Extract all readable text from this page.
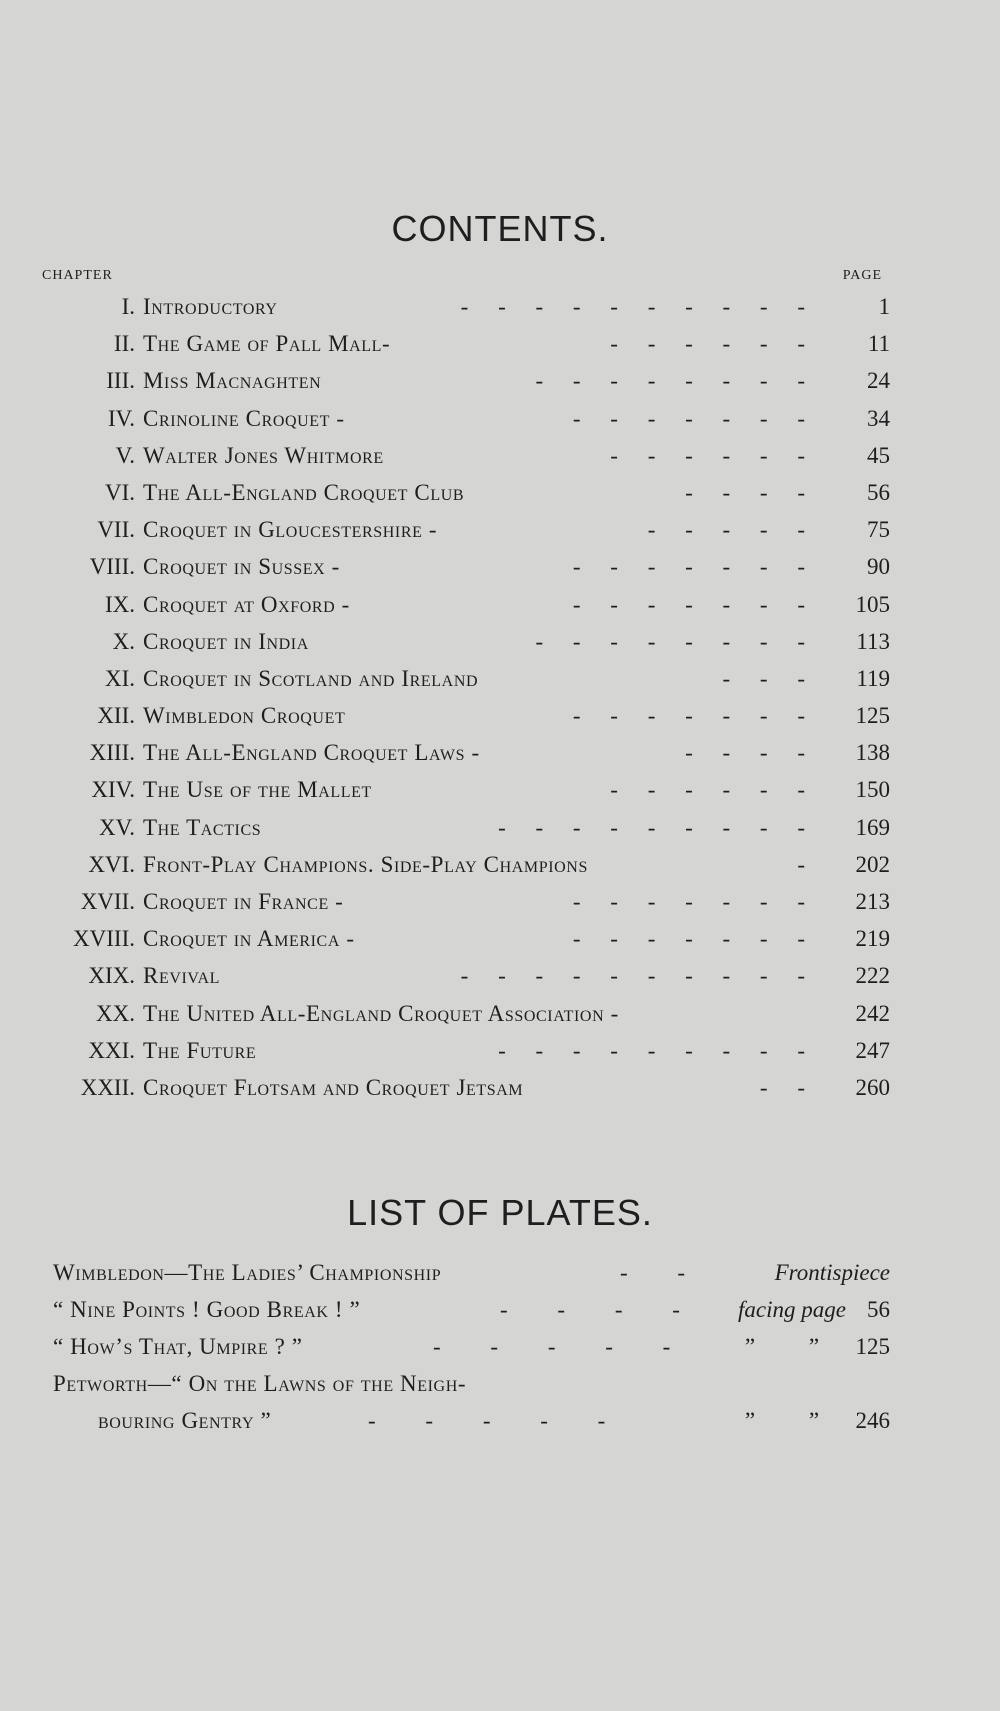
CONTENTS.
CHAPTER	PAGE
I. Introductory	- - - - - - - - - -	1
II. The Game of Pall Mall-	- - - - - - 11
III. Miss Macnaghten	- - - - - - - - 24
IV. Crinoline Croquet -	- - - - - - - 34
V. Walter Jones Whitmore	- - - - - - 45
VI. The All-England Croquet Club	- - - - 56
VII. Croquet in Gloucestershire -	- - - - - 75
VIII. Croquet in Sussex -	- - - - - - - 90
IX. Croquet at Oxford -	- - - - - - - 105
X. Croquet in India	- - - - - - - - 113
XI. Croquet in Scotland and Ireland	- - - 119
XII. Wimbledon Croquet	- - - - - - - 125
XIII. The All-England Croquet Laws -	- - - - 138
XIV. The Use of the Mallet	- - - - - - 150
XV. The Tactics	- - - - - - - - - 169
XVI. Front-Play Champions. Side-Play Champions	- 202
XVII. Croquet in France -	- - - - - - - 213
XVIII. Croquet in America -	- - - - - - - 219
XIX. Revival	- - - - - - - - - - 222
XX. The United All-England Croquet Association -	242
XXI. The Future	- - - - - - - - - 247
XXII. Croquet Flotsam and Croquet Jetsam	- - 260
LIST OF PLATES.
Wimbledon—The Ladies’ Championship	- -	Frontispiece
“ Nine Points ! Good Break ! ”	- - - - facing page 56
“ How’s That, Umpire ? ”	- - - - -	” ” 125
Petworth—“ On the Lawns of the Neigh-
bouring Gentry ”	- - - - -	” ” 246
